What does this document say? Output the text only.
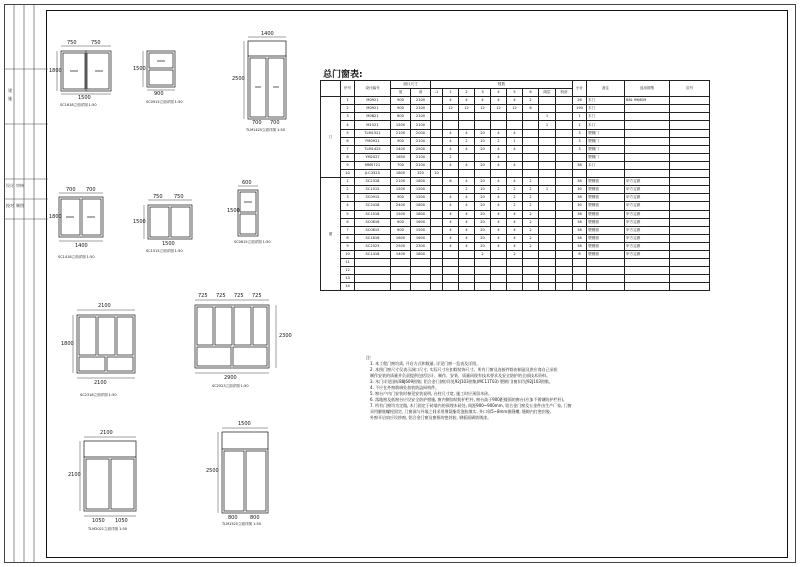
建
施
设计 审核
校对 制图
750	750
1500
1800
SC1618立面详图 1:50
900
1500
SC0915立面详图 1:50
1400
2500
700 700
TLM1425立面详图 1:50
700 700
1800
1400
SC1418立面详图 1:50
750 750
1500
1500
SC1515立面详图 1:50
600
1500
SC0615立面详图 1:50
2100
1800
2100
SC2318立面详图 1:50
725 725 725 725
2300
2900
SC2523立面详图 1:50
2100
2100
1050 1050
TLM2021立面详图 1:50
1500
2500
800 800
TLM1525立面详图 1:50
总门窗表:
	序号	设计编号	洞口尺寸		樘数									小计	备注	选用图集	页号
			宽	高	-1	1	2	3	4	5	6	阁层	机房				
门	1	M0921	900	2100		4	4	4	4	4	2			26	木门	88L 99J609	
	2	M0921	900	2100		12	12	12	12	12	6			190	木门		
	3	M0821	800	2100								1		1	木门		
	4	M1521	1500	2100								1		1	木门		
	5	TLM1521	2100	2000		4	4	20	4	4				3	塑钢门		
	6	FM0921	900	2100		4	2	10	2	1				3	塑钢门		
	7	TLM1425	1400	2500		4	4	20	4	4				3	塑钢门		
	8	YM2027	1650	2100		2			4						塑钢门		
	9	MM0721	700	2100		4	4	20	4	4				36	木门		
	10	JLC3325	1800	320	10												
窗	1	SC2318	2100	1800		8	4	20	4	4	2			36	塑钢窗	甲方定做	
	2	SC1515	1500	1500			2	10	2	2	2	1		30	塑钢窗	甲方定做	
	3	SC0915	900	1500		4	4	20	4	2	2			38	塑钢窗	甲方定做	
	4	SC2418	2400	1800		4	4	20	4	2	2			30	塑钢窗	甲方定做	
	5	SC1518	1500	1800		4	4	20	4	4	2			36	塑钢窗	甲方定做	
	6	SC0616	600	1600		4	4	20	4	4	2			38	塑钢窗	甲方定做	
	7	SC0615	600	1500		4	4	20	4	4	2			38	塑钢窗	甲方定做	
	8	SC1616	1600	1600		4	4	20	4	4	2			38	塑钢窗	甲方定做	
	9	SC2523	2500	2300		4	4	20	4	4	2			38	塑钢窗	甲方定做	
	10	SC1418	1400	1800				2		2				8	塑钢窗	甲方定做	
	11																
	12																
	13																
	14																
注:
1. 本工程门窗均需, 开启方式和数量, 详见门窗一览表及详图。
2. 本图门窗尺寸仅表示洞口尺寸, 实际尺寸应扣除装饰尺寸。所有门窗及连接件除由制造及供应商自己承担
制作安装的质量并负责提供包括设计、制作、安装、质量同现有技术要求及安全防护的全部技术资料。
3. 木门详见国标88J609图集; 铝合金门(窗)详见92J103图集(MC11T03) 塑钢门(窗)详见92J103图集。
4. 不应在外窗玻璃处加装防盗网构件。
5. 窗台户内门安装时参见安装说明, 台柱尺寸宽, 施工时应预留木砖。
6. 落地窗及低窗台应设安全防护措施, 窗内侧加装防护栏杆, 窗台高于900距楼面的窗台(应加不锈钢防护栏杆)。
7. 所有门窗均为定做, 木门固定于砖墙内的预埋木砖处, 间距900~900mm, 铝合金门窗及五金件由生产厂家, 门窗
采用膨胀螺栓固定, 门窗洞与外墙之间采用聚氨酯发泡胶填实, 外口留5~8mm嵌缝槽, 缝隙内打密封胶,
外窗开启扇应设纱窗, 铝合金门窗及窗框的密封胶, 钢板面刷防锈漆。
